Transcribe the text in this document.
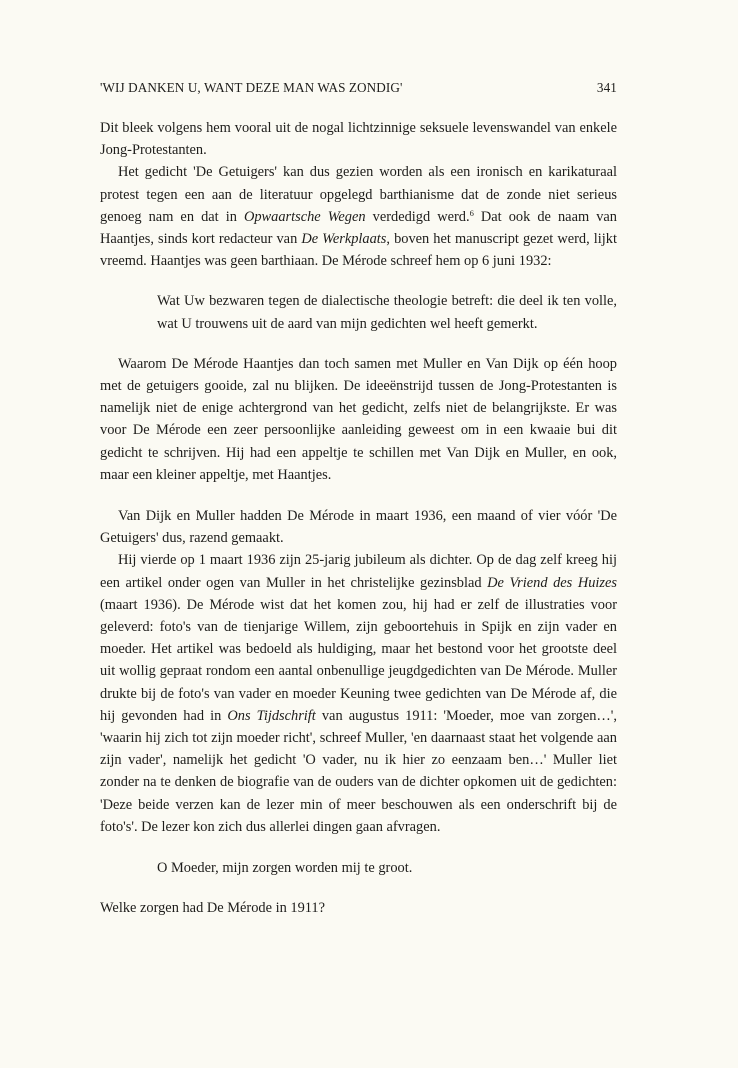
'WIJ DANKEN U, WANT DEZE MAN WAS ZONDIG'	341

Dit bleek volgens hem vooral uit de nogal lichtzinnige seksuele levenswandel van enkele Jong-Protestanten.

Het gedicht 'De Getuigers' kan dus gezien worden als een ironisch en karikaturaal protest tegen een aan de literatuur opgelegd barthianisme dat de zonde niet serieus genoeg nam en dat in Opwaartsche Wegen verdedigd werd.$^6$ Dat ook de naam van Haantjes, sinds kort redacteur van De Werkplaats, boven het manuscript gezet werd, lijkt vreemd. Haantjes was geen barthiaan. De Mérode schreef hem op 6 juni 1932:

Wat Uw bezwaren tegen de dialectische theologie betreft: die deel ik ten volle, wat U trouwens uit de aard van mijn gedichten wel heeft gemerkt.

Waarom De Mérode Haantjes dan toch samen met Muller en Van Dijk op één hoop met de getuigers gooide, zal nu blijken. De ideeënstrijd tussen de Jong-Protestanten is namelijk niet de enige achtergrond van het gedicht, zelfs niet de belangrijkste. Er was voor De Mérode een zeer persoonlijke aanleiding geweest om in een kwaaie bui dit gedicht te schrijven. Hij had een appeltje te schillen met Van Dijk en Muller, en ook, maar een kleiner appeltje, met Haantjes.

Van Dijk en Muller hadden De Mérode in maart 1936, een maand of vier vóór 'De Getuigers' dus, razend gemaakt.

Hij vierde op 1 maart 1936 zijn 25-jarig jubileum als dichter. Op de dag zelf kreeg hij een artikel onder ogen van Muller in het christelijke gezinsblad De Vriend des Huizes (maart 1936). De Mérode wist dat het komen zou, hij had er zelf de illustraties voor geleverd: foto's van de tienjarige Willem, zijn geboortehuis in Spijk en zijn vader en moeder. Het artikel was bedoeld als huldiging, maar het bestond voor het grootste deel uit wollig gepraat rondom een aantal onbenullige jeugdgedichten van De Mérode. Muller drukte bij de foto's van vader en moeder Keuning twee gedichten van De Mérode af, die hij gevonden had in Ons Tijdschrift van augustus 1911: 'Moeder, moe van zorgen…', 'waarin hij zich tot zijn moeder richt', schreef Muller, 'en daarnaast staat het volgende aan zijn vader', namelijk het gedicht 'O vader, nu ik hier zo eenzaam ben…' Muller liet zonder na te denken de biografie van de ouders van de dichter opkomen uit de gedichten: 'Deze beide verzen kan de lezer min of meer beschouwen als een onderschrift bij de foto's'. De lezer kon zich dus allerlei dingen gaan afvragen.

O Moeder, mijn zorgen worden mij te groot.

Welke zorgen had De Mérode in 1911?
